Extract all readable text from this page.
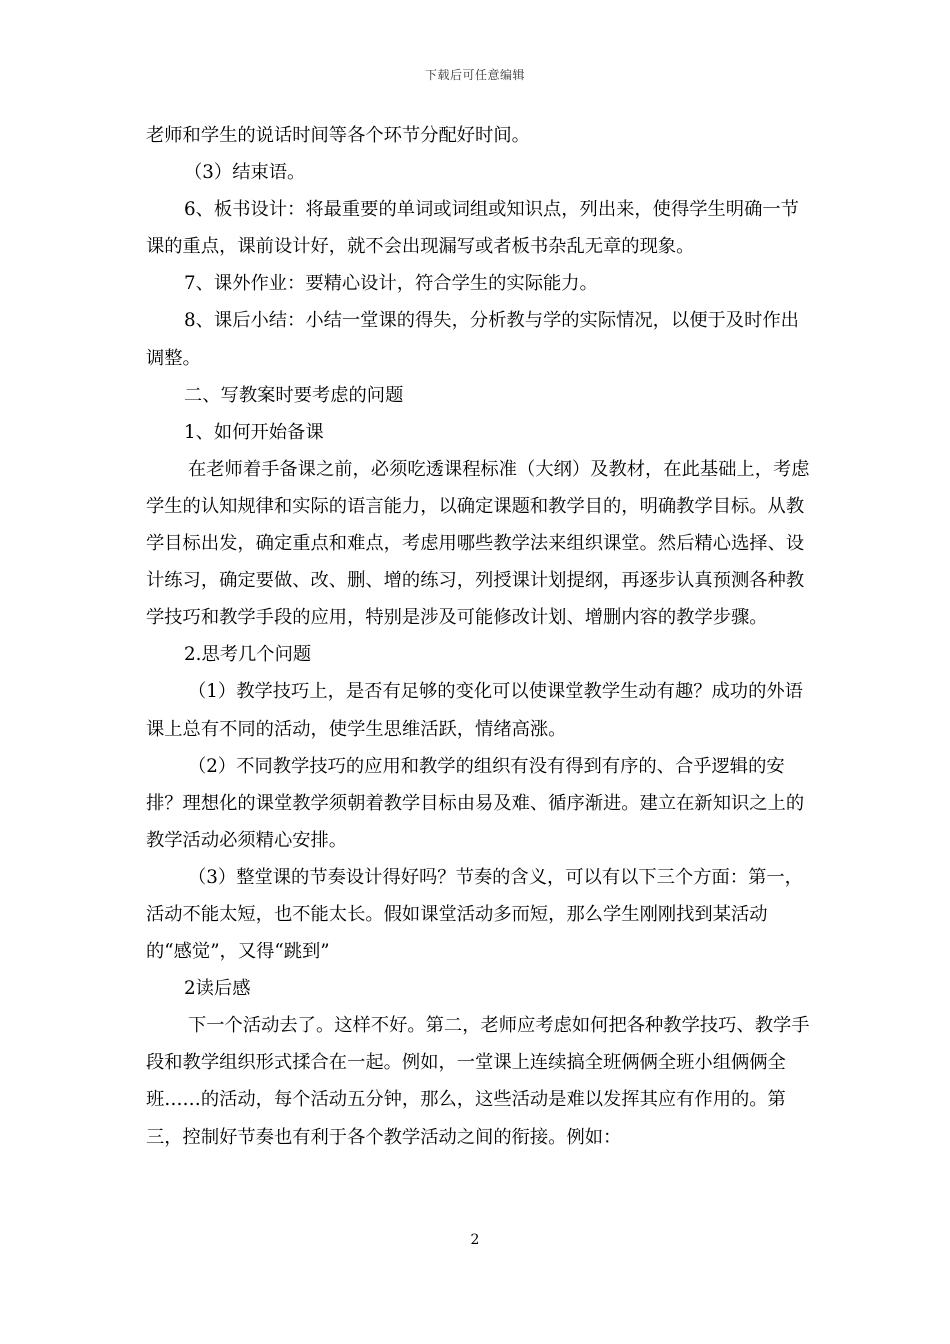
下载后可任意编辑

老师和学生的说话时间等各个环节分配好时间。

（3）结束语。

6、板书设计：将最重要的单词或词组或知识点，列出来，使得学生明确一节课的重点，课前设计好，就不会出现漏写或者板书杂乱无章的现象。

7、课外作业：要精心设计，符合学生的实际能力。

8、课后小结：小结一堂课的得失，分析教与学的实际情况，以便于及时作出调整。

二、写教案时要考虑的问题

1、如何开始备课

在老师着手备课之前，必须吃透课程标准（大纲）及教材，在此基础上，考虑学生的认知规律和实际的语言能力，以确定课题和教学目的，明确教学目标。从教学目标出发，确定重点和难点，考虑用哪些教学法来组织课堂。然后精心选择、设计练习，确定要做、改、删、增的练习，列授课计划提纲，再逐步认真预测各种教学技巧和教学手段的应用，特别是涉及可能修改计划、增删内容的教学步骤。

2.思考几个问题

（1）教学技巧上，是否有足够的变化可以使课堂教学生动有趣？成功的外语课上总有不同的活动，使学生思维活跃，情绪高涨。

（2）不同教学技巧的应用和教学的组织有没有得到有序的、合乎逻辑的安排？理想化的课堂教学须朝着教学目标由易及难、循序渐进。建立在新知识之上的教学活动必须精心安排。

（3）整堂课的节奏设计得好吗？节奏的含义，可以有以下三个方面：第一，活动不能太短，也不能太长。假如课堂活动多而短，那么学生刚刚找到某活动的“感觉”，又得“跳到”

2读后感

下一个活动去了。这样不好。第二，老师应考虑如何把各种教学技巧、教学手段和教学组织形式揉合在一起。例如，一堂课上连续搞全班俩俩全班小组俩俩全班……的活动，每个活动五分钟，那么，这些活动是难以发挥其应有作用的。第三，控制好节奏也有利于各个教学活动之间的衔接。例如：

2
